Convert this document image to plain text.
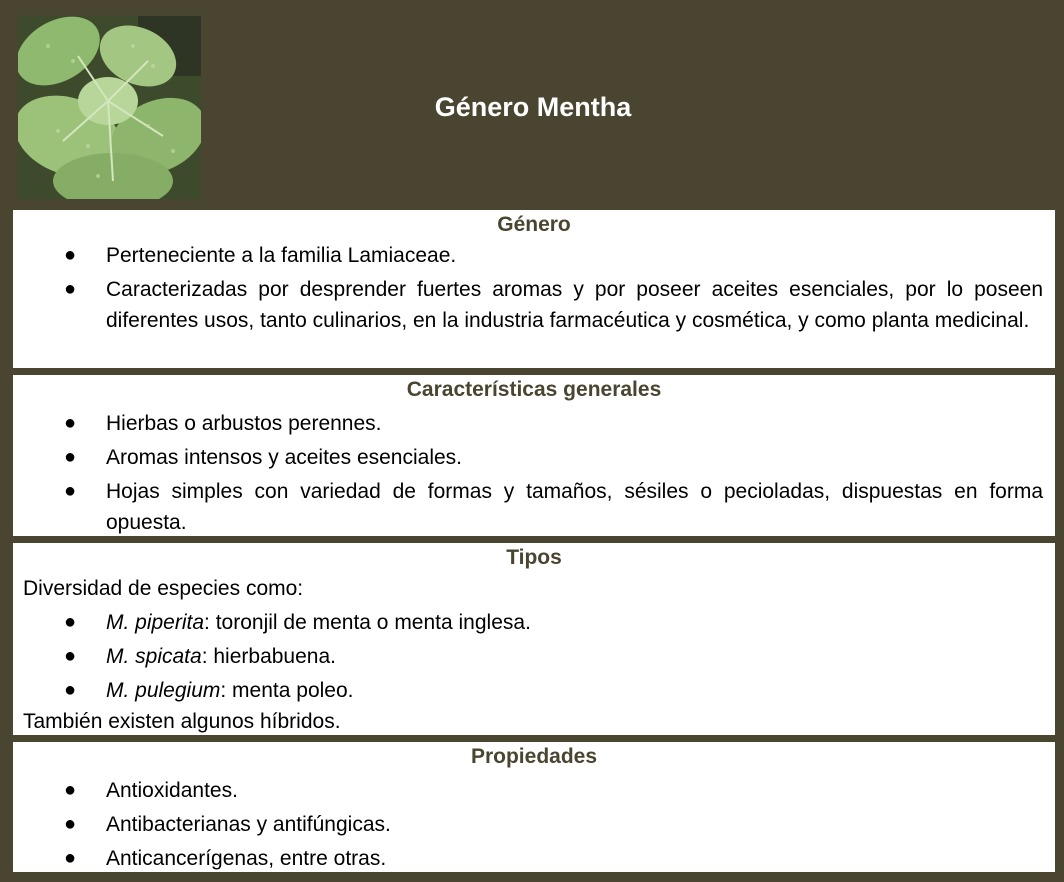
Género Mentha
Género
● Perteneciente a la familia Lamiaceae.
● Caracterizadas por desprender fuertes aromas y por poseer aceites esenciales, por lo poseen diferentes usos, tanto culinarios, en la industria farmacéutica y cosmética, y como planta medicinal.
Características generales
● Hierbas o arbustos perennes.
● Aromas intensos y aceites esenciales.
● Hojas simples con variedad de formas y tamaños, sésiles o pecioladas, dispuestas en forma opuesta.
Tipos
Diversidad de especies como:
● M. piperita: toronjil de menta o menta inglesa.
● M. spicata: hierbabuena.
● M. pulegium: menta poleo.
También existen algunos híbridos.
Propiedades
● Antioxidantes.
● Antibacterianas y antifúngicas.
● Anticancerígenas, entre otras.
